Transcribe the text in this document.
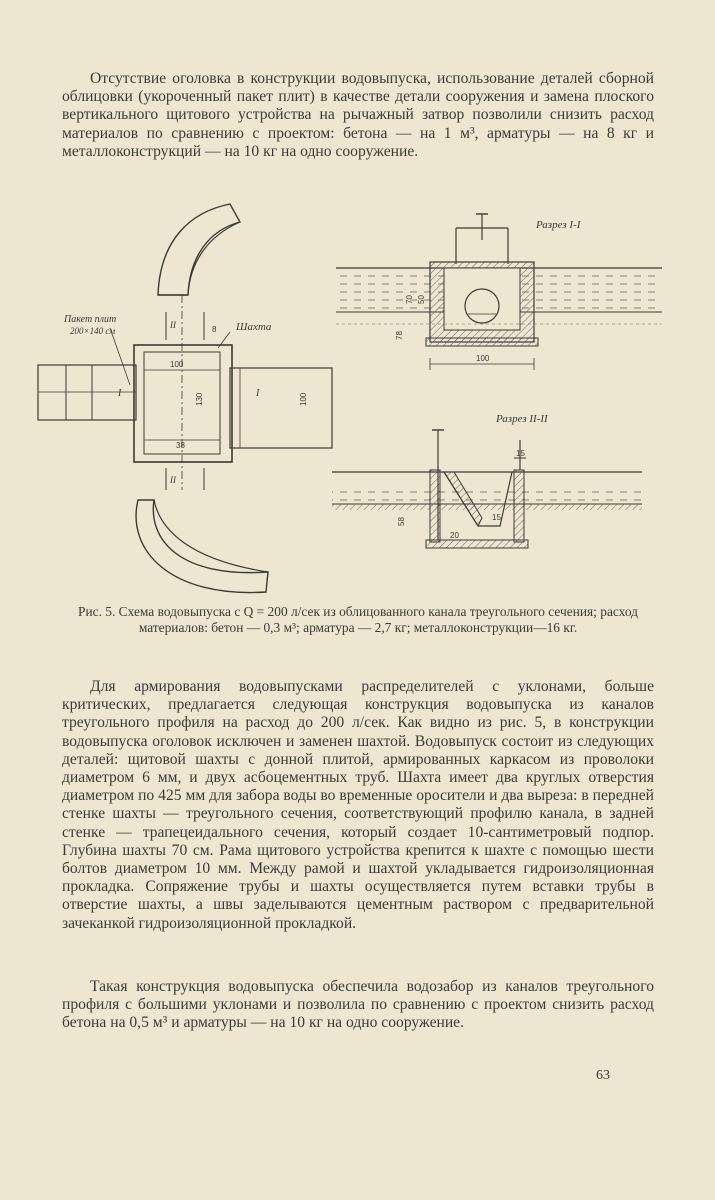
Отсутствие оголовка в конструкции водовыпуска, использование деталей сборной облицовки (укороченный пакет плит) в качестве детали сооружения и замена плоского вертикального щитового устройства на рычажный затвор позволили снизить расход материалов по сравнению с проектом: бетона — на 1 м³, арматуры — на 8 кг и металлоконструкций — на 10 кг на одно сооружение.

Пакет плит
200×140 см	Шахта
100
130
38
100
8
I	I
II
II
Разрез I-I
100
70 50
78
Разрез II-II
15
58	15
20

Рис. 5. Схема водовыпуска с Q = 200 л/сек из облицованного канала треугольного сечения; расход материалов: бетон — 0,3 м³; арматура — 2,7 кг; металлоконструкции—16 кг.

Для армирования водовыпусками распределителей с уклонами, больше критических, предлагается следующая конструкция водовыпуска из каналов треугольного профиля на расход до 200 л/сек. Как видно из рис. 5, в конструкции водовыпуска оголовок исключен и заменен шахтой. Водовыпуск состоит из следующих деталей: щитовой шахты с донной плитой, армированных каркасом из проволоки диаметром 6 мм, и двух асбоцементных труб. Шахта имеет два круглых отверстия диаметром по 425 мм для забора воды во временные оросители и два выреза: в передней стенке шахты — треугольного сечения, соответствующий профилю канала, в задней стенке — трапецеидального сечения, который создает 10-сантиметровый подпор. Глубина шахты 70 см. Рама щитового устройства крепится к шахте с помощью шести болтов диаметром 10 мм. Между рамой и шахтой укладывается гидроизоляционная прокладка. Сопряжение трубы и шахты осуществляется путем вставки трубы в отверстие шахты, а швы заделываются цементным раствором с предварительной зачеканкой гидроизоляционной прокладкой.

Такая конструкция водовыпуска обеспечила водозабор из каналов треугольного профиля с большими уклонами и позволила по сравнению с проектом снизить расход бетона на 0,5 м³ и арматуры — на 10 кг на одно сооружение.

63
